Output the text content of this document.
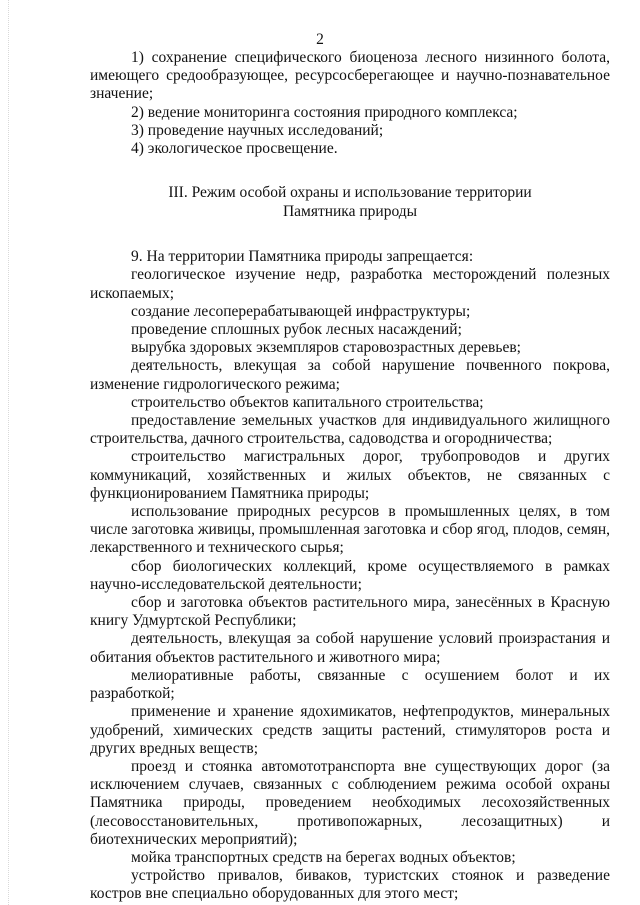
2

1) сохранение специфического биоценоза лесного низинного болота, имеющего средообразующее, ресурсосберегающее и научно-познавательное значение;

2) ведение мониторинга состояния природного комплекса;

3) проведение научных исследований;

4) экологическое просвещение.

III. Режим особой охраны и использование территории
Памятника природы

9. На территории Памятника природы запрещается:

геологическое изучение недр, разработка месторождений полезных ископаемых;

создание лесоперерабатывающей инфраструктуры;

проведение сплошных рубок лесных насаждений;

вырубка здоровых экземпляров старовозрастных деревьев;

деятельность, влекущая за собой нарушение почвенного покрова, изменение гидрологического режима;

строительство объектов капитального строительства;

предоставление земельных участков для индивидуального жилищного строительства, дачного строительства, садоводства и огородничества;

строительство магистральных дорог, трубопроводов и других коммуникаций, хозяйственных и жилых объектов, не связанных с функционированием Памятника природы;

использование природных ресурсов в промышленных целях, в том числе заготовка живицы, промышленная заготовка и сбор ягод, плодов, семян, лекарственного и технического сырья;

сбор биологических коллекций, кроме осуществляемого в рамках научно-исследовательской деятельности;

сбор и заготовка объектов растительного мира, занесённых в Красную книгу Удмуртской Республики;

деятельность, влекущая за собой нарушение условий произрастания и обитания объектов растительного и животного мира;

мелиоративные работы, связанные с осушением болот и их разработкой;

применение и хранение ядохимикатов, нефтепродуктов, минеральных удобрений, химических средств защиты растений, стимуляторов роста и других вредных веществ;

проезд и стоянка автомототранспорта вне существующих дорог (за исключением случаев, связанных с соблюдением режима особой охраны Памятника природы, проведением необходимых лесохозяйственных (лесовосстановительных, противопожарных, лесозащитных) и биотехнических мероприятий);

мойка транспортных средств на берегах водных объектов;

устройство привалов, биваков, туристских стоянок и разведение костров вне специально оборудованных для этого мест;
